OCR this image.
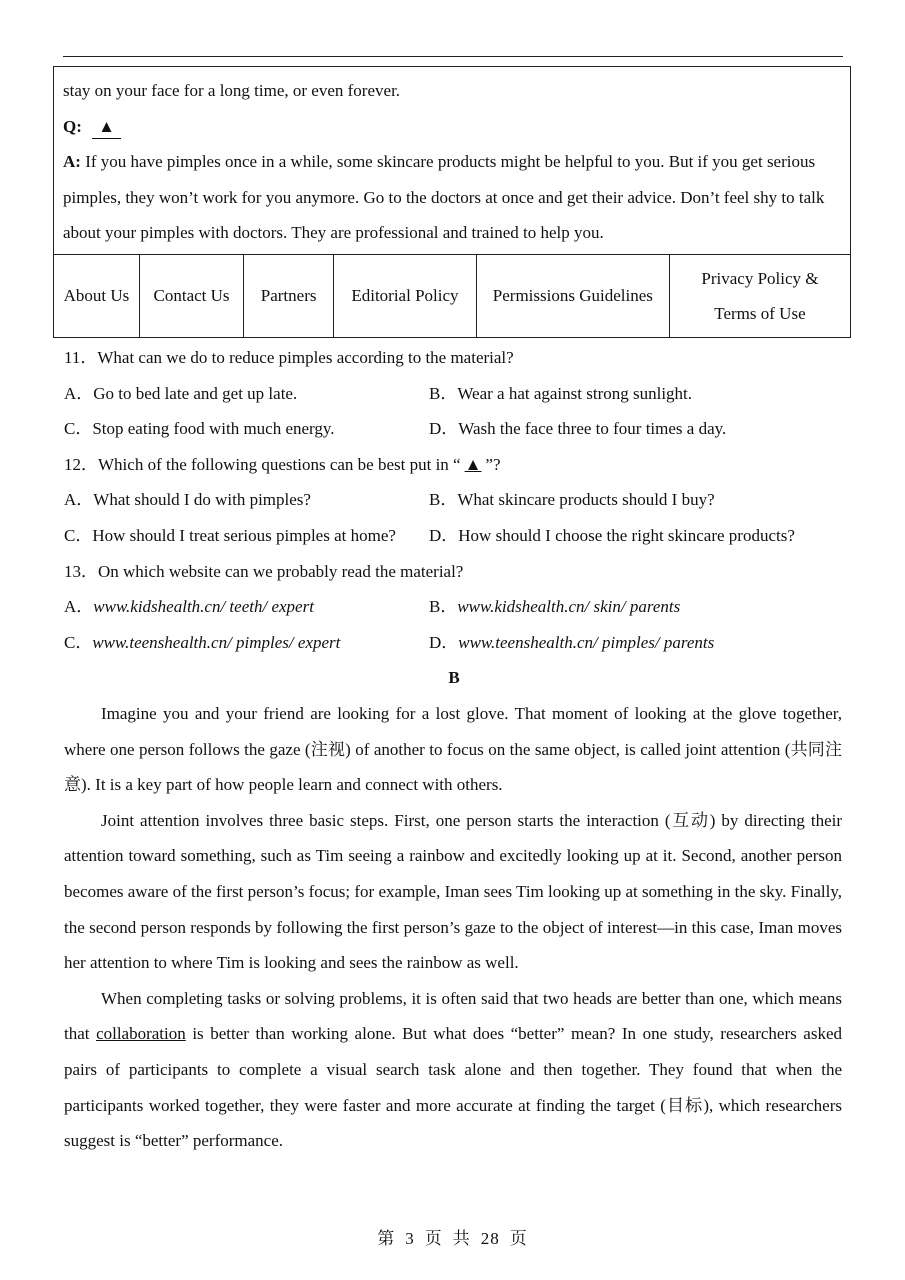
stay on your face for a long time, or even forever.

Q: ▲

A: If you have pimples once in a while, some skincare products might be helpful to you. But if you get serious pimples, they won’t work for you anymore. Go to the doctors at once and get their advice. Don’t feel shy to talk about your pimples with doctors. They are professional and trained to help you.

About Us	Contact Us	Partners	Editorial Policy	Permissions Guidelines	Privacy Policy & Terms of Use
11．What can we do to reduce pimples according to the material?
A．Go to bed late and get up late.	B．Wear a hat against strong sunlight.
C．Stop eating food with much energy.	D．Wash the face three to four times a day.
12．Which of the following questions can be best put in “ ▲ ”?
A．What should I do with pimples?	B．What skincare products should I buy?
C．How should I treat serious pimples at home? D．How should I choose the right skincare products?
13．On which website can we probably read the material?
A．www.kidshealth.cn/ teeth/ expert	B．www.kidshealth.cn/ skin/ parents
C．www.teenshealth.cn/ pimples/ expert	D．www.teenshealth.cn/ pimples/ parents
B

Imagine you and your friend are looking for a lost glove. That moment of looking at the glove together, where one person follows the gaze (注视) of another to focus on the same object, is called joint attention (共同注意). It is a key part of how people learn and connect with others.

Joint attention involves three basic steps. First, one person starts the interaction (互动) by directing their attention toward something, such as Tim seeing a rainbow and excitedly looking up at it. Second, another person becomes aware of the first person’s focus; for example, Iman sees Tim looking up at something in the sky. Finally, the second person responds by following the first person’s gaze to the object of interest—in this case, Iman moves her attention to where Tim is looking and sees the rainbow as well.

When completing tasks or solving problems, it is often said that two heads are better than one, which means that collaboration is better than working alone. But what does “better” mean? In one study, researchers asked pairs of participants to complete a visual search task alone and then together. They found that when the participants worked together, they were faster and more accurate at finding the target (目标), which researchers suggest is “better” performance.

第 3 页 共 28 页
